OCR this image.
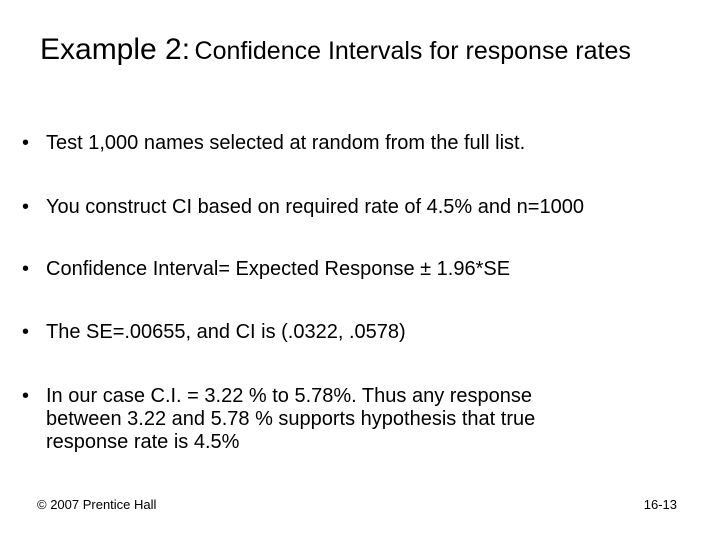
Example 2: Confidence Intervals for response rates
• Test 1,000 names selected at random from the full list.
• You construct CI based on required rate of 4.5% and n=1000
• Confidence Interval= Expected Response ± 1.96*SE
• The SE=.00655, and CI is (.0322, .0578)
• In our case C.I. = 3.22 % to 5.78%. Thus any response
between 3.22 and 5.78 % supports hypothesis that true
response rate is 4.5%
© 2007 Prentice Hall	16-13
